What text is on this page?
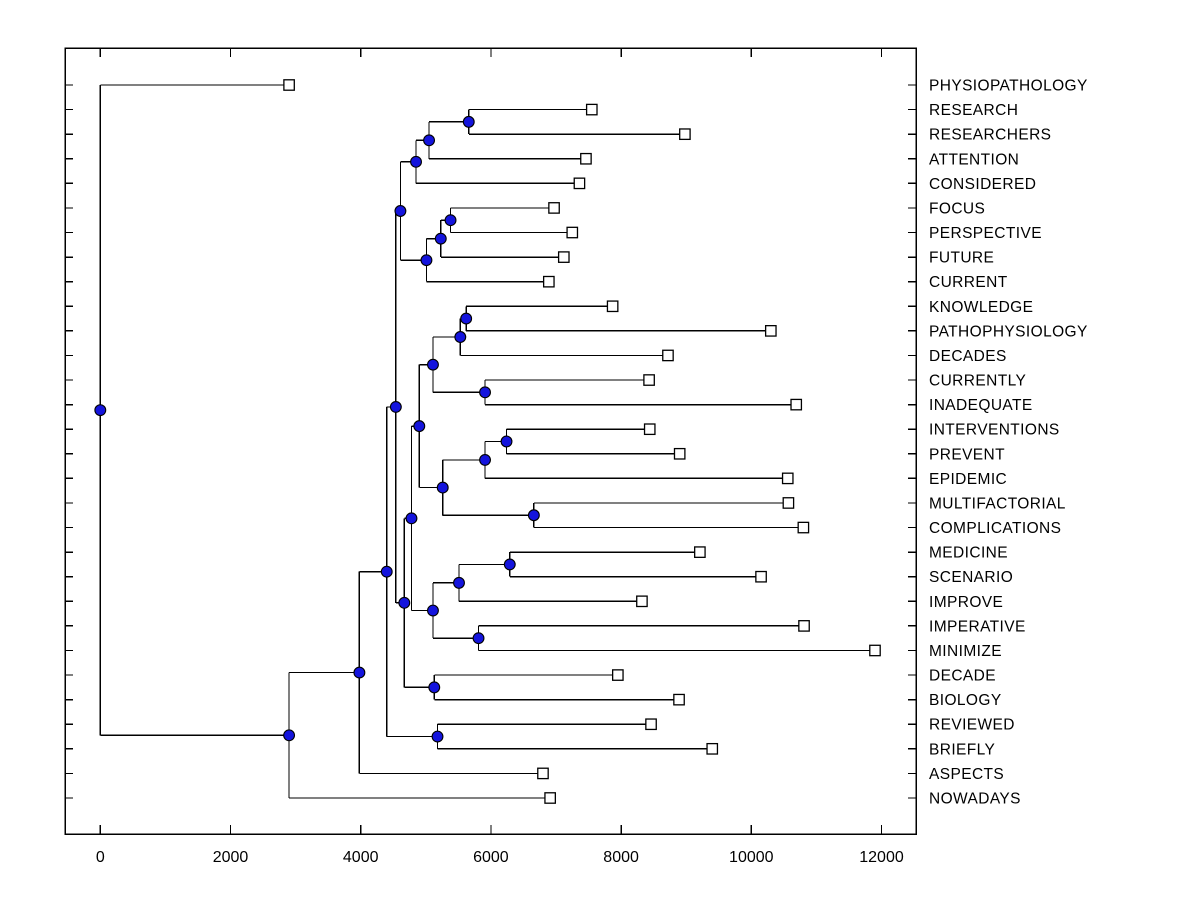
PHYSIOPATHOLOGY
RESEARCH
RESEARCHERS
ATTENTION
CONSIDERED
FOCUS
PERSPECTIVE
FUTURE
CURRENT
KNOWLEDGE
PATHOPHYSIOLOGY
DECADES
CURRENTLY
INADEQUATE
INTERVENTIONS
PREVENT
EPIDEMIC
MULTIFACTORIAL
COMPLICATIONS
MEDICINE
SCENARIO
IMPROVE
IMPERATIVE
MINIMIZE
DECADE
BIOLOGY
REVIEWED
BRIEFLY
ASPECTS
NOWADAYS
0	2000	4000	6000	8000	10000	12000
